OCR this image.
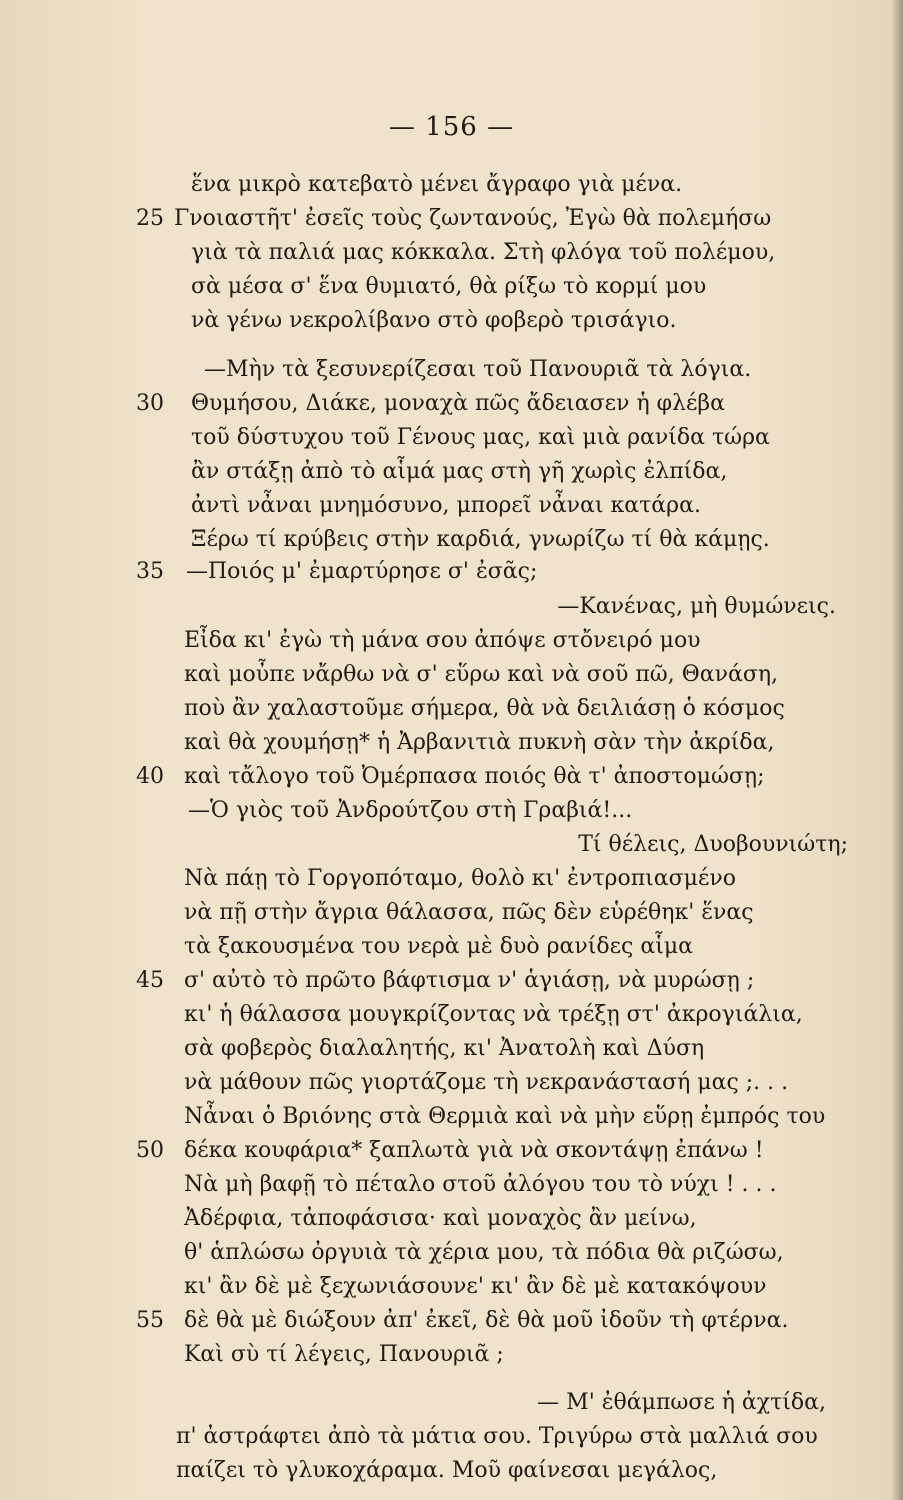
— 156 —
ἕνα μικρὸ κατεβατὸ μένει ἄγραφο γιὰ μένα.
25 Γνοιαστῆτ' ἐσεῖς τοὺς ζωντανούς, Ἐγὼ θὰ πολεμήσω
γιὰ τὰ παλιά μας κόκκαλα. Στὴ φλόγα τοῦ πολέμου,
σὰ μέσα σ' ἕνα θυμιατό, θὰ ρίξω τὸ κορμί μου
νὰ γένω νεκρολίβανο στὸ φοβερὸ τρισάγιο.
—Μὴν τὰ ξεσυνερίζεσαι τοῦ Πανουριᾶ τὰ λόγια.
30	Θυμήσου, Διάκε, μοναχὰ πῶς ἄδειασεν ἡ φλέβα
τοῦ δύστυχου τοῦ Γένους μας, καὶ μιὰ ρανίδα τώρα
ἂν στάξῃ ἀπὸ τὸ αἷμά μας στὴ γῆ χωρὶς ἐλπίδα,
ἀντὶ νἆναι μνημόσυνο, μπορεῖ νἆναι κατάρα.
Ξέρω τί κρύβεις στὴν καρδιά, γνωρίζω τί θὰ κάμῃς.
35	—Ποιός μ' ἐμαρτύρησε σ' ἐσᾶς;
—Κανένας, μὴ θυμώνεις.
Εἶδα κι' ἐγὼ τὴ μάνα σου ἀπόψε στὄνειρό μου
καὶ μοὖπε νἄρθω νὰ σ' εὕρω καὶ νὰ σοῦ πῶ, Θανάση,
ποὺ ἂν χαλαστοῦμε σήμερα, θὰ νὰ δειλιάσῃ ὁ κόσμος
καὶ θὰ χουμήσῃ* ἡ Ἀρβανιτιὰ πυκνὴ σὰν τὴν ἀκρίδα,
40 καὶ τἄλογο τοῦ Ὀμέρπασα ποιός θὰ τ' ἀποστομώσῃ;
—Ὁ γιὸς τοῦ Ἀνδρούτζου στὴ Γραβιά!...
Τί θέλεις, Δυοβουνιώτη;
Νὰ πάῃ τὸ Γοργοπόταμο, θολὸ κι' ἐντροπιασμένο
νὰ πῇ στὴν ἄγρια θάλασσα, πῶς δὲν εὑρέθηκ' ἕνας
τὰ ξακουσμένα του νερὰ μὲ δυὸ ρανίδες αἷμα
45 σ' αὐτὸ τὸ πρῶτο βάφτισμα ν' ἁγιάσῃ, νὰ μυρώσῃ ;
κι' ἡ θάλασσα μουγκρίζοντας νὰ τρέξῃ στ' ἀκρογιάλια,
σὰ φοβερὸς διαλαλητής, κι' Ἀνατολὴ καὶ Δύση
νὰ μάθουν πῶς γιορτάζομε τὴ νεκρανάστασή μας ;. . .
Νἆναι ὁ Βριόνης στὰ Θερμιὰ καὶ νὰ μὴν εὕρῃ ἐμπρός του
50 δέκα κουφάρια* ξαπλωτὰ γιὰ νὰ σκοντάψῃ ἐπάνω !
Νὰ μὴ βαφῇ τὸ πέταλο στοῦ ἀλόγου του τὸ νύχι ! . . .
Ἀδέρφια, τἀποφάσισα· καὶ μοναχὸς ἂν μείνω,
θ' ἁπλώσω ὀργυιὰ τὰ χέρια μου, τὰ πόδια θὰ ριζώσω,
κι' ἂν δὲ μὲ ξεχωνιάσουνε' κι' ἂν δὲ μὲ κατακόψουν
55 δὲ θὰ μὲ διώξουν ἀπ' ἐκεῖ, δὲ θὰ μοῦ ἰδοῦν τὴ φτέρνα.
Καὶ σὺ τί λέγεις, Πανουριᾶ ;
— Μ' ἐθάμπωσε ἡ ἀχτίδα,
π' ἀστράφτει ἀπὸ τὰ μάτια σου. Τριγύρω στὰ μαλλιά σου
παίζει τὸ γλυκοχάραμα. Μοῦ φαίνεσαι μεγάλος,
